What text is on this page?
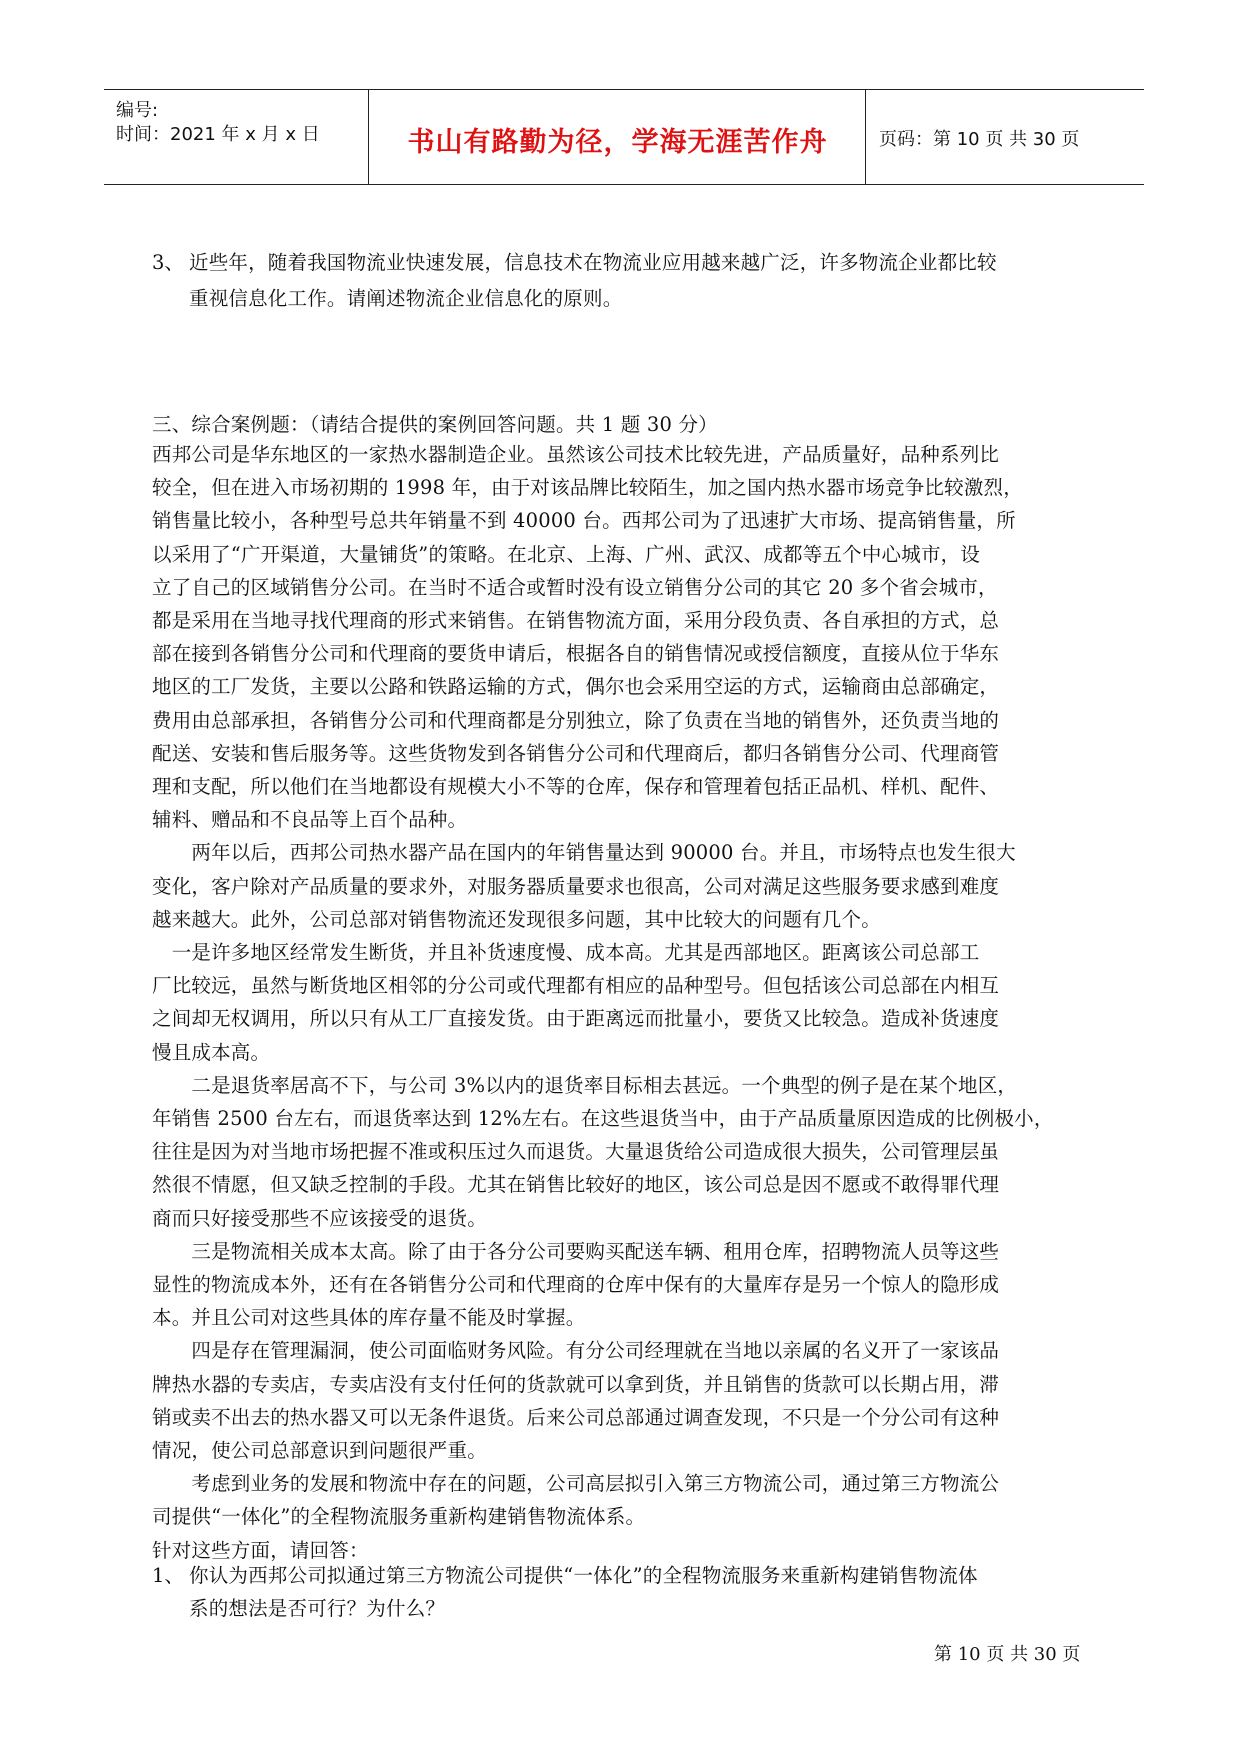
编号:
时间：2021 年 x 月 x 日	书山有路勤为径，学海无涯苦作舟	页码：第 10 页 共 30 页
3、 近些年，随着我国物流业快速发展，信息技术在物流业应用越来越广泛，许多物流企业都比较
重视信息化工作。请阐述物流企业信息化的原则。
三、综合案例题：（请结合提供的案例回答问题。共 1 题 30 分）
西邦公司是华东地区的一家热水器制造企业。虽然该公司技术比较先进，产品质量好，品种系列比
较全，但在进入市场初期的 1998 年，由于对该品牌比较陌生，加之国内热水器市场竞争比较激烈，
销售量比较小，各种型号总共年销量不到 40000 台。西邦公司为了迅速扩大市场、提高销售量，所
以采用了“广开渠道，大量铺货”的策略。在北京、上海、广州、武汉、成都等五个中心城市，设
立了自己的区域销售分公司。在当时不适合或暂时没有设立销售分公司的其它 20 多个省会城市，
都是采用在当地寻找代理商的形式来销售。在销售物流方面，采用分段负责、各自承担的方式，总
部在接到各销售分公司和代理商的要货申请后，根据各自的销售情况或授信额度，直接从位于华东
地区的工厂发货，主要以公路和铁路运输的方式，偶尔也会采用空运的方式，运输商由总部确定，
费用由总部承担，各销售分公司和代理商都是分别独立，除了负责在当地的销售外，还负责当地的
配送、安装和售后服务等。这些货物发到各销售分公司和代理商后，都归各销售分公司、代理商管
理和支配，所以他们在当地都设有规模大小不等的仓库，保存和管理着包括正品机、样机、配件、
辅料、赠品和不良品等上百个品种。
　　两年以后，西邦公司热水器产品在国内的年销售量达到 90000 台。并且，市场特点也发生很大
变化，客户除对产品质量的要求外，对服务器质量要求也很高，公司对满足这些服务要求感到难度
越来越大。此外，公司总部对销售物流还发现很多问题，其中比较大的问题有几个。
　一是许多地区经常发生断货，并且补货速度慢、成本高。尤其是西部地区。距离该公司总部工
厂比较远，虽然与断货地区相邻的分公司或代理都有相应的品种型号。但包括该公司总部在内相互
之间却无权调用，所以只有从工厂直接发货。由于距离远而批量小，要货又比较急。造成补货速度
慢且成本高。
　　二是退货率居高不下，与公司 3%以内的退货率目标相去甚远。一个典型的例子是在某个地区，
年销售 2500 台左右，而退货率达到 12%左右。在这些退货当中，由于产品质量原因造成的比例极小，
往往是因为对当地市场把握不准或积压过久而退货。大量退货给公司造成很大损失，公司管理层虽
然很不情愿，但又缺乏控制的手段。尤其在销售比较好的地区，该公司总是因不愿或不敢得罪代理
商而只好接受那些不应该接受的退货。
　　三是物流相关成本太高。除了由于各分公司要购买配送车辆、租用仓库，招聘物流人员等这些
显性的物流成本外，还有在各销售分公司和代理商的仓库中保有的大量库存是另一个惊人的隐形成
本。并且公司对这些具体的库存量不能及时掌握。
　　四是存在管理漏洞，使公司面临财务风险。有分公司经理就在当地以亲属的名义开了一家该品
牌热水器的专卖店，专卖店没有支付任何的货款就可以拿到货，并且销售的货款可以长期占用，滞
销或卖不出去的热水器又可以无条件退货。后来公司总部通过调查发现，不只是一个分公司有这种
情况，使公司总部意识到问题很严重。
　　考虑到业务的发展和物流中存在的问题，公司高层拟引入第三方物流公司，通过第三方物流公
司提供“一体化”的全程物流服务重新构建销售物流体系。
针对这些方面，请回答：
1、 你认为西邦公司拟通过第三方物流公司提供“一体化”的全程物流服务来重新构建销售物流体
系的想法是否可行？为什么？
第 10 页 共 30 页
